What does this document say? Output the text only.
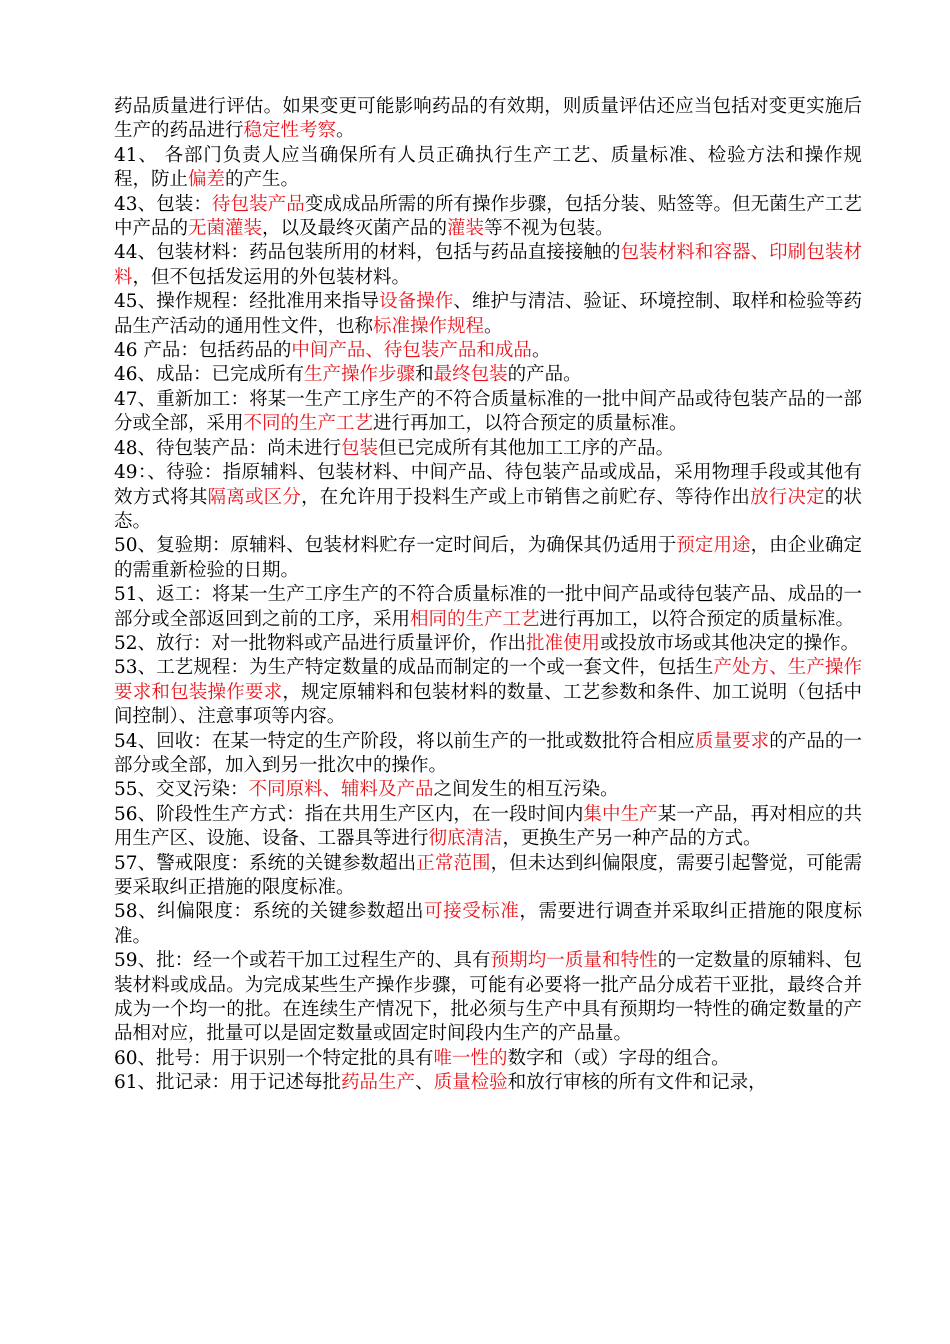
药品质量进行评估。如果变更可能影响药品的有效期，则质量评估还应当包括对变更实施后生产的药品进行稳定性考察。

41、 各部门负责人应当确保所有人员正确执行生产工艺、质量标准、检验方法和操作规程，防止偏差的产生。

43、包装：待包装产品变成成品所需的所有操作步骤，包括分装、贴签等。但无菌生产工艺中产品的无菌灌装，以及最终灭菌产品的灌装等不视为包装。

44、包装材料：药品包装所用的材料，包括与药品直接接触的包装材料和容器、印刷包装材料，但不包括发运用的外包装材料。

45、操作规程：经批准用来指导设备操作、维护与清洁、验证、环境控制、取样和检验等药品生产活动的通用性文件，也称标准操作规程。

46 产品：包括药品的中间产品、待包装产品和成品。

46、成品：已完成所有生产操作步骤和最终包装的产品。

47、重新加工：将某一生产工序生产的不符合质量标准的一批中间产品或待包装产品的一部分或全部，采用不同的生产工艺进行再加工，以符合预定的质量标准。

48、待包装产品：尚未进行包装但已完成所有其他加工工序的产品。

49：、待验：指原辅料、包装材料、中间产品、待包装产品或成品，采用物理手段或其他有效方式将其隔离或区分，在允许用于投料生产或上市销售之前贮存、等待作出放行决定的状态。

50、复验期：原辅料、包装材料贮存一定时间后，为确保其仍适用于预定用途，由企业确定的需重新检验的日期。

51、返工：将某一生产工序生产的不符合质量标准的一批中间产品或待包装产品、成品的一部分或全部返回到之前的工序，采用相同的生产工艺进行再加工，以符合预定的质量标准。

52、放行：对一批物料或产品进行质量评价，作出批准使用或投放市场或其他决定的操作。

53、工艺规程：为生产特定数量的成品而制定的一个或一套文件，包括生产处方、生产操作要求和包装操作要求，规定原辅料和包装材料的数量、工艺参数和条件、加工说明（包括中间控制）、注意事项等内容。

54、回收：在某一特定的生产阶段，将以前生产的一批或数批符合相应质量要求的产品的一部分或全部，加入到另一批次中的操作。

55、交叉污染：不同原料、辅料及产品之间发生的相互污染。

56、阶段性生产方式：指在共用生产区内，在一段时间内集中生产某一产品，再对相应的共用生产区、设施、设备、工器具等进行彻底清洁，更换生产另一种产品的方式。

57、警戒限度：系统的关键参数超出正常范围，但未达到纠偏限度，需要引起警觉，可能需要采取纠正措施的限度标准。

58、纠偏限度：系统的关键参数超出可接受标准，需要进行调查并采取纠正措施的限度标准。

59、批：经一个或若干加工过程生产的、具有预期均一质量和特性的一定数量的原辅料、包装材料或成品。为完成某些生产操作步骤，可能有必要将一批产品分成若干亚批，最终合并成为一个均一的批。在连续生产情况下，批必须与生产中具有预期均一特性的确定数量的产品相对应，批量可以是固定数量或固定时间段内生产的产品量。

60、批号：用于识别一个特定批的具有唯一性的数字和（或）字母的组合。

61、批记录：用于记述每批药品生产、质量检验和放行审核的所有文件和记录，
